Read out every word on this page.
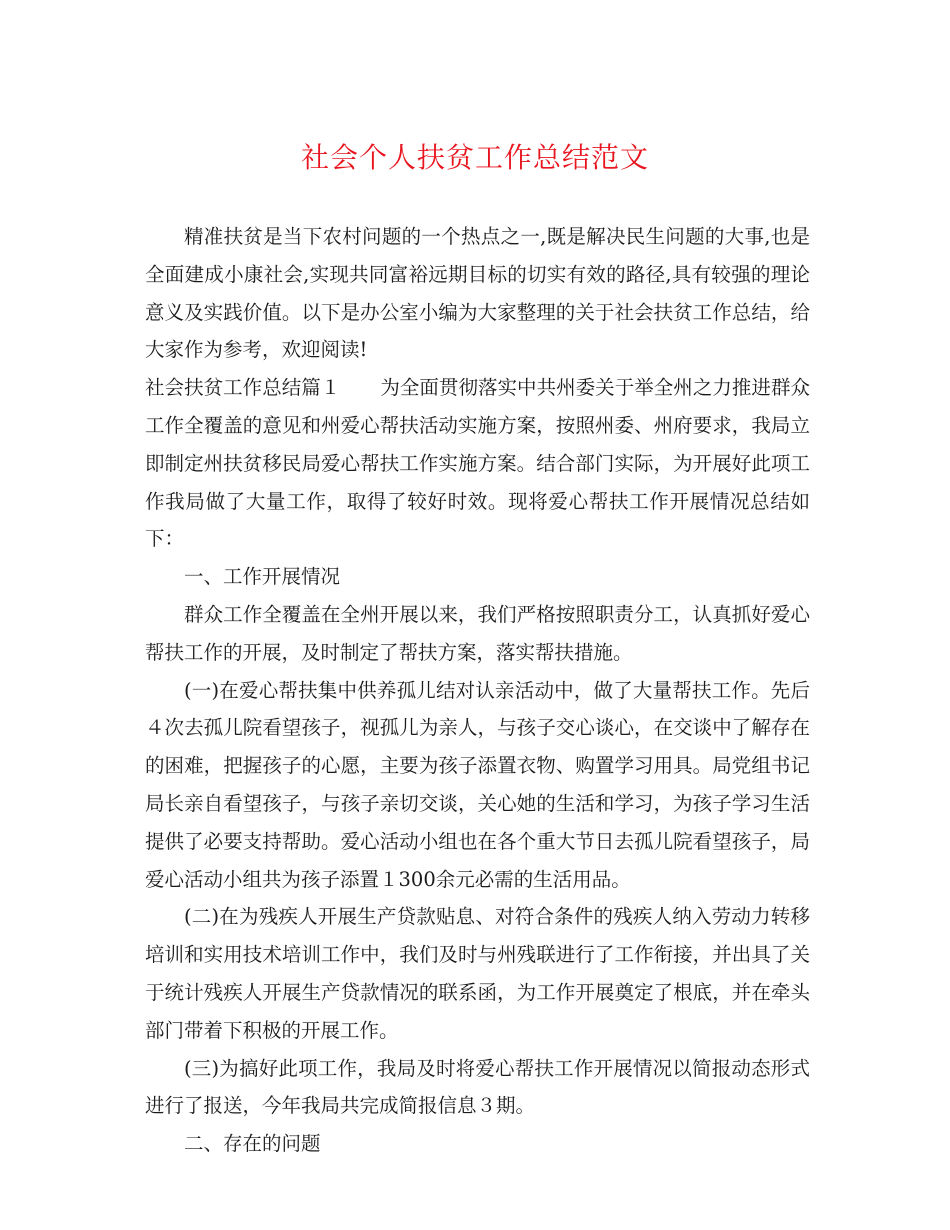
社会个人扶贫工作总结范文

精准扶贫是当下农村问题的一个热点之一,既是解决民生问题的大事,也是全面建成小康社会,实现共同富裕远期目标的切实有效的路径,具有较强的理论意义及实践价值。以下是办公室小编为大家整理的关于社会扶贫工作总结，给大家作为参考，欢迎阅读!

社会扶贫工作总结篇１ 为全面贯彻落实中共州委关于举全州之力推进群众工作全覆盖的意见和州爱心帮扶活动实施方案，按照州委、州府要求，我局立即制定州扶贫移民局爱心帮扶工作实施方案。结合部门实际，为开展好此项工作我局做了大量工作，取得了较好时效。现将爱心帮扶工作开展情况总结如下：

一、工作开展情况

群众工作全覆盖在全州开展以来，我们严格按照职责分工，认真抓好爱心帮扶工作的开展，及时制定了帮扶方案，落实帮扶措施。

(一)在爱心帮扶集中供养孤儿结对认亲活动中，做了大量帮扶工作。先后４次去孤儿院看望孩子，视孤儿为亲人，与孩子交心谈心，在交谈中了解存在的困难，把握孩子的心愿，主要为孩子添置衣物、购置学习用具。局党组书记局长亲自看望孩子，与孩子亲切交谈，关心她的生活和学习，为孩子学习生活提供了必要支持帮助。爱心活动小组也在各个重大节日去孤儿院看望孩子，局爱心活动小组共为孩子添置１300余元必需的生活用品。

(二)在为残疾人开展生产贷款贴息、对符合条件的残疾人纳入劳动力转移培训和实用技术培训工作中，我们及时与州残联进行了工作衔接，并出具了关于统计残疾人开展生产贷款情况的联系函，为工作开展奠定了根底，并在牵头部门带着下积极的开展工作。

(三)为搞好此项工作，我局及时将爱心帮扶工作开展情况以简报动态形式进行了报送，今年我局共完成简报信息３期。

二、存在的问题
